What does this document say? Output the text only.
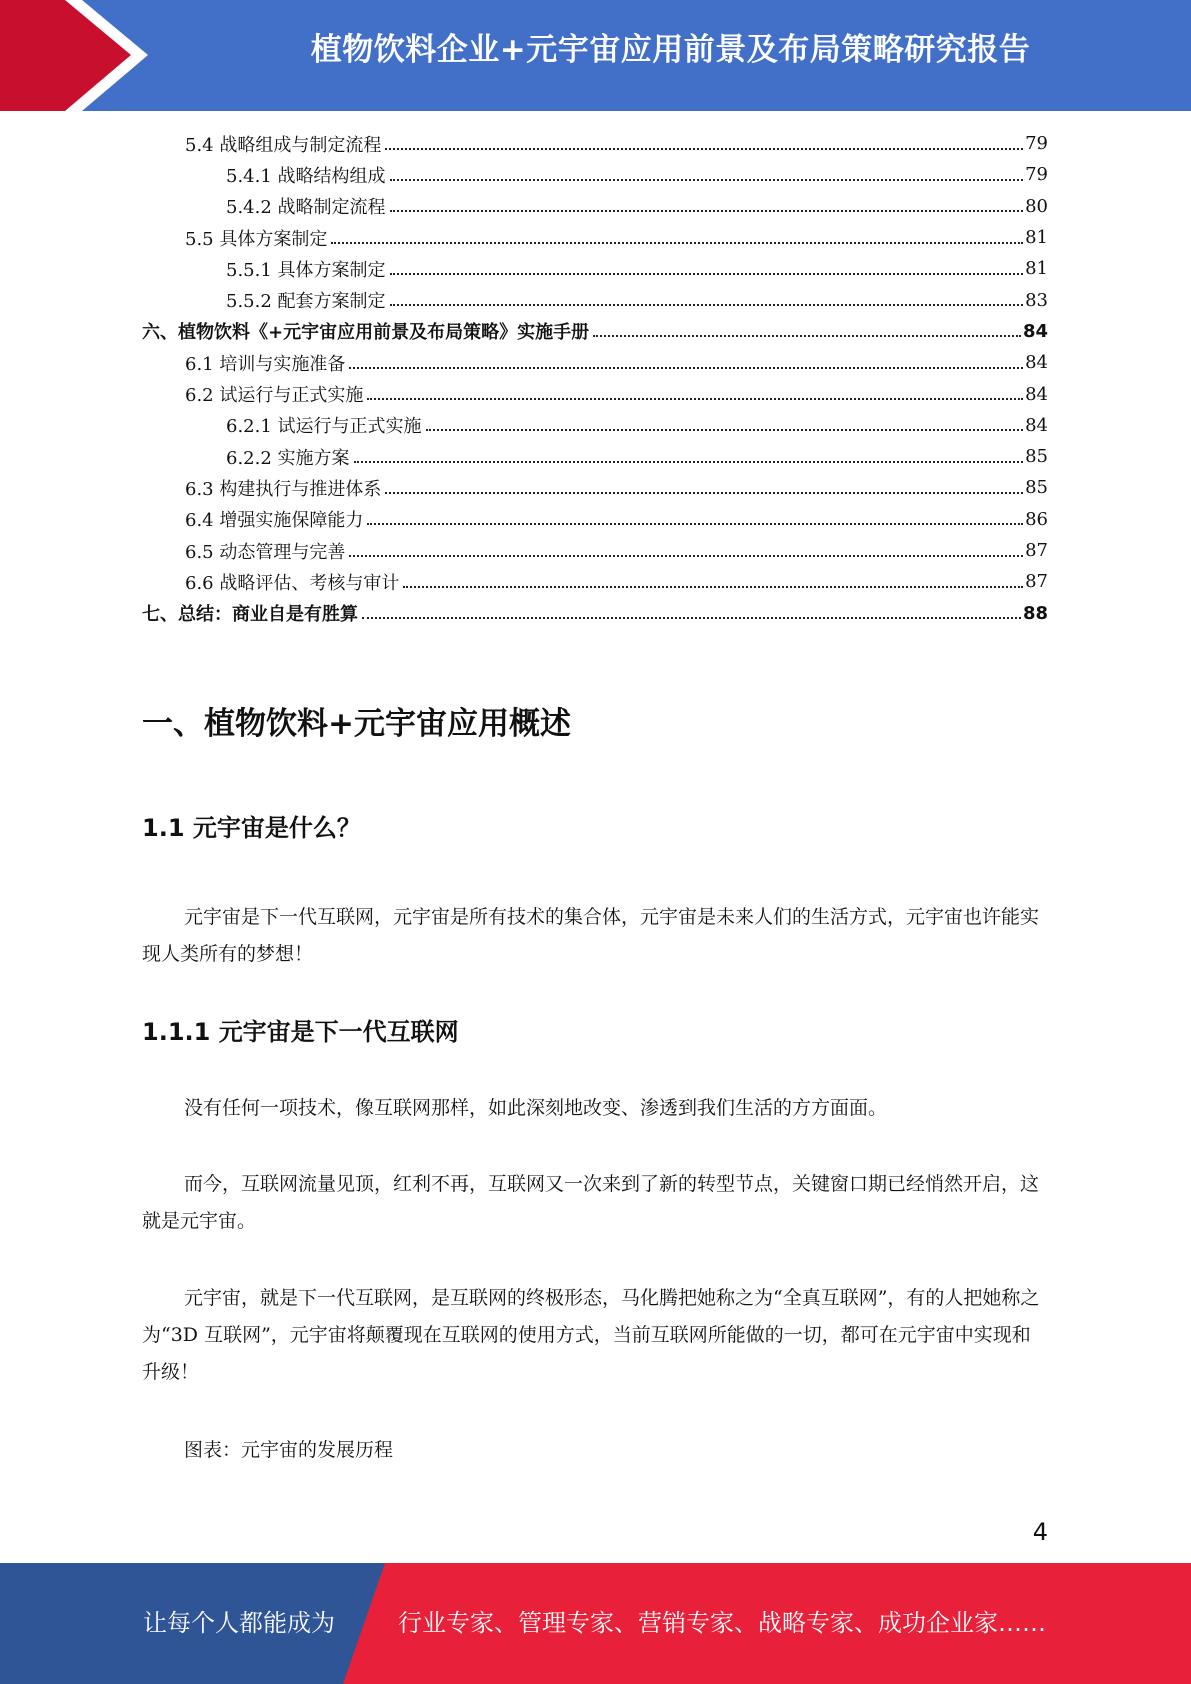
植物饮料企业+元宇宙应用前景及布局策略研究报告
5.4 战略组成与制定流程	79
5.4.1 战略结构组成	79
5.4.2 战略制定流程	80
5.5 具体方案制定	81
5.5.1 具体方案制定	81
5.5.2 配套方案制定	83
六、植物饮料《+元宇宙应用前景及布局策略》实施手册	84
6.1 培训与实施准备	84
6.2 试运行与正式实施	84
6.2.1 试运行与正式实施	84
6.2.2 实施方案	85
6.3 构建执行与推进体系	85
6.4 增强实施保障能力	86
6.5 动态管理与完善	87
6.6 战略评估、考核与审计	87
七、总结：商业自是有胜算	88
一、植物饮料+元宇宙应用概述
1.1 元宇宙是什么？
元宇宙是下一代互联网，元宇宙是所有技术的集合体，元宇宙是未来人们的生活方式，元宇宙也许能实现人类所有的梦想！
1.1.1 元宇宙是下一代互联网
没有任何一项技术，像互联网那样，如此深刻地改变、渗透到我们生活的方方面面。
而今，互联网流量见顶，红利不再，互联网又一次来到了新的转型节点，关键窗口期已经悄然开启，这就是元宇宙。
元宇宙，就是下一代互联网，是互联网的终极形态，马化腾把她称之为“全真互联网”，有的人把她称之为“3D 互联网”，元宇宙将颠覆现在互联网的使用方式，当前互联网所能做的一切，都可在元宇宙中实现和升级！
图表：元宇宙的发展历程
4
让每个人都能成为	行业专家、管理专家、营销专家、战略专家、成功企业家……
